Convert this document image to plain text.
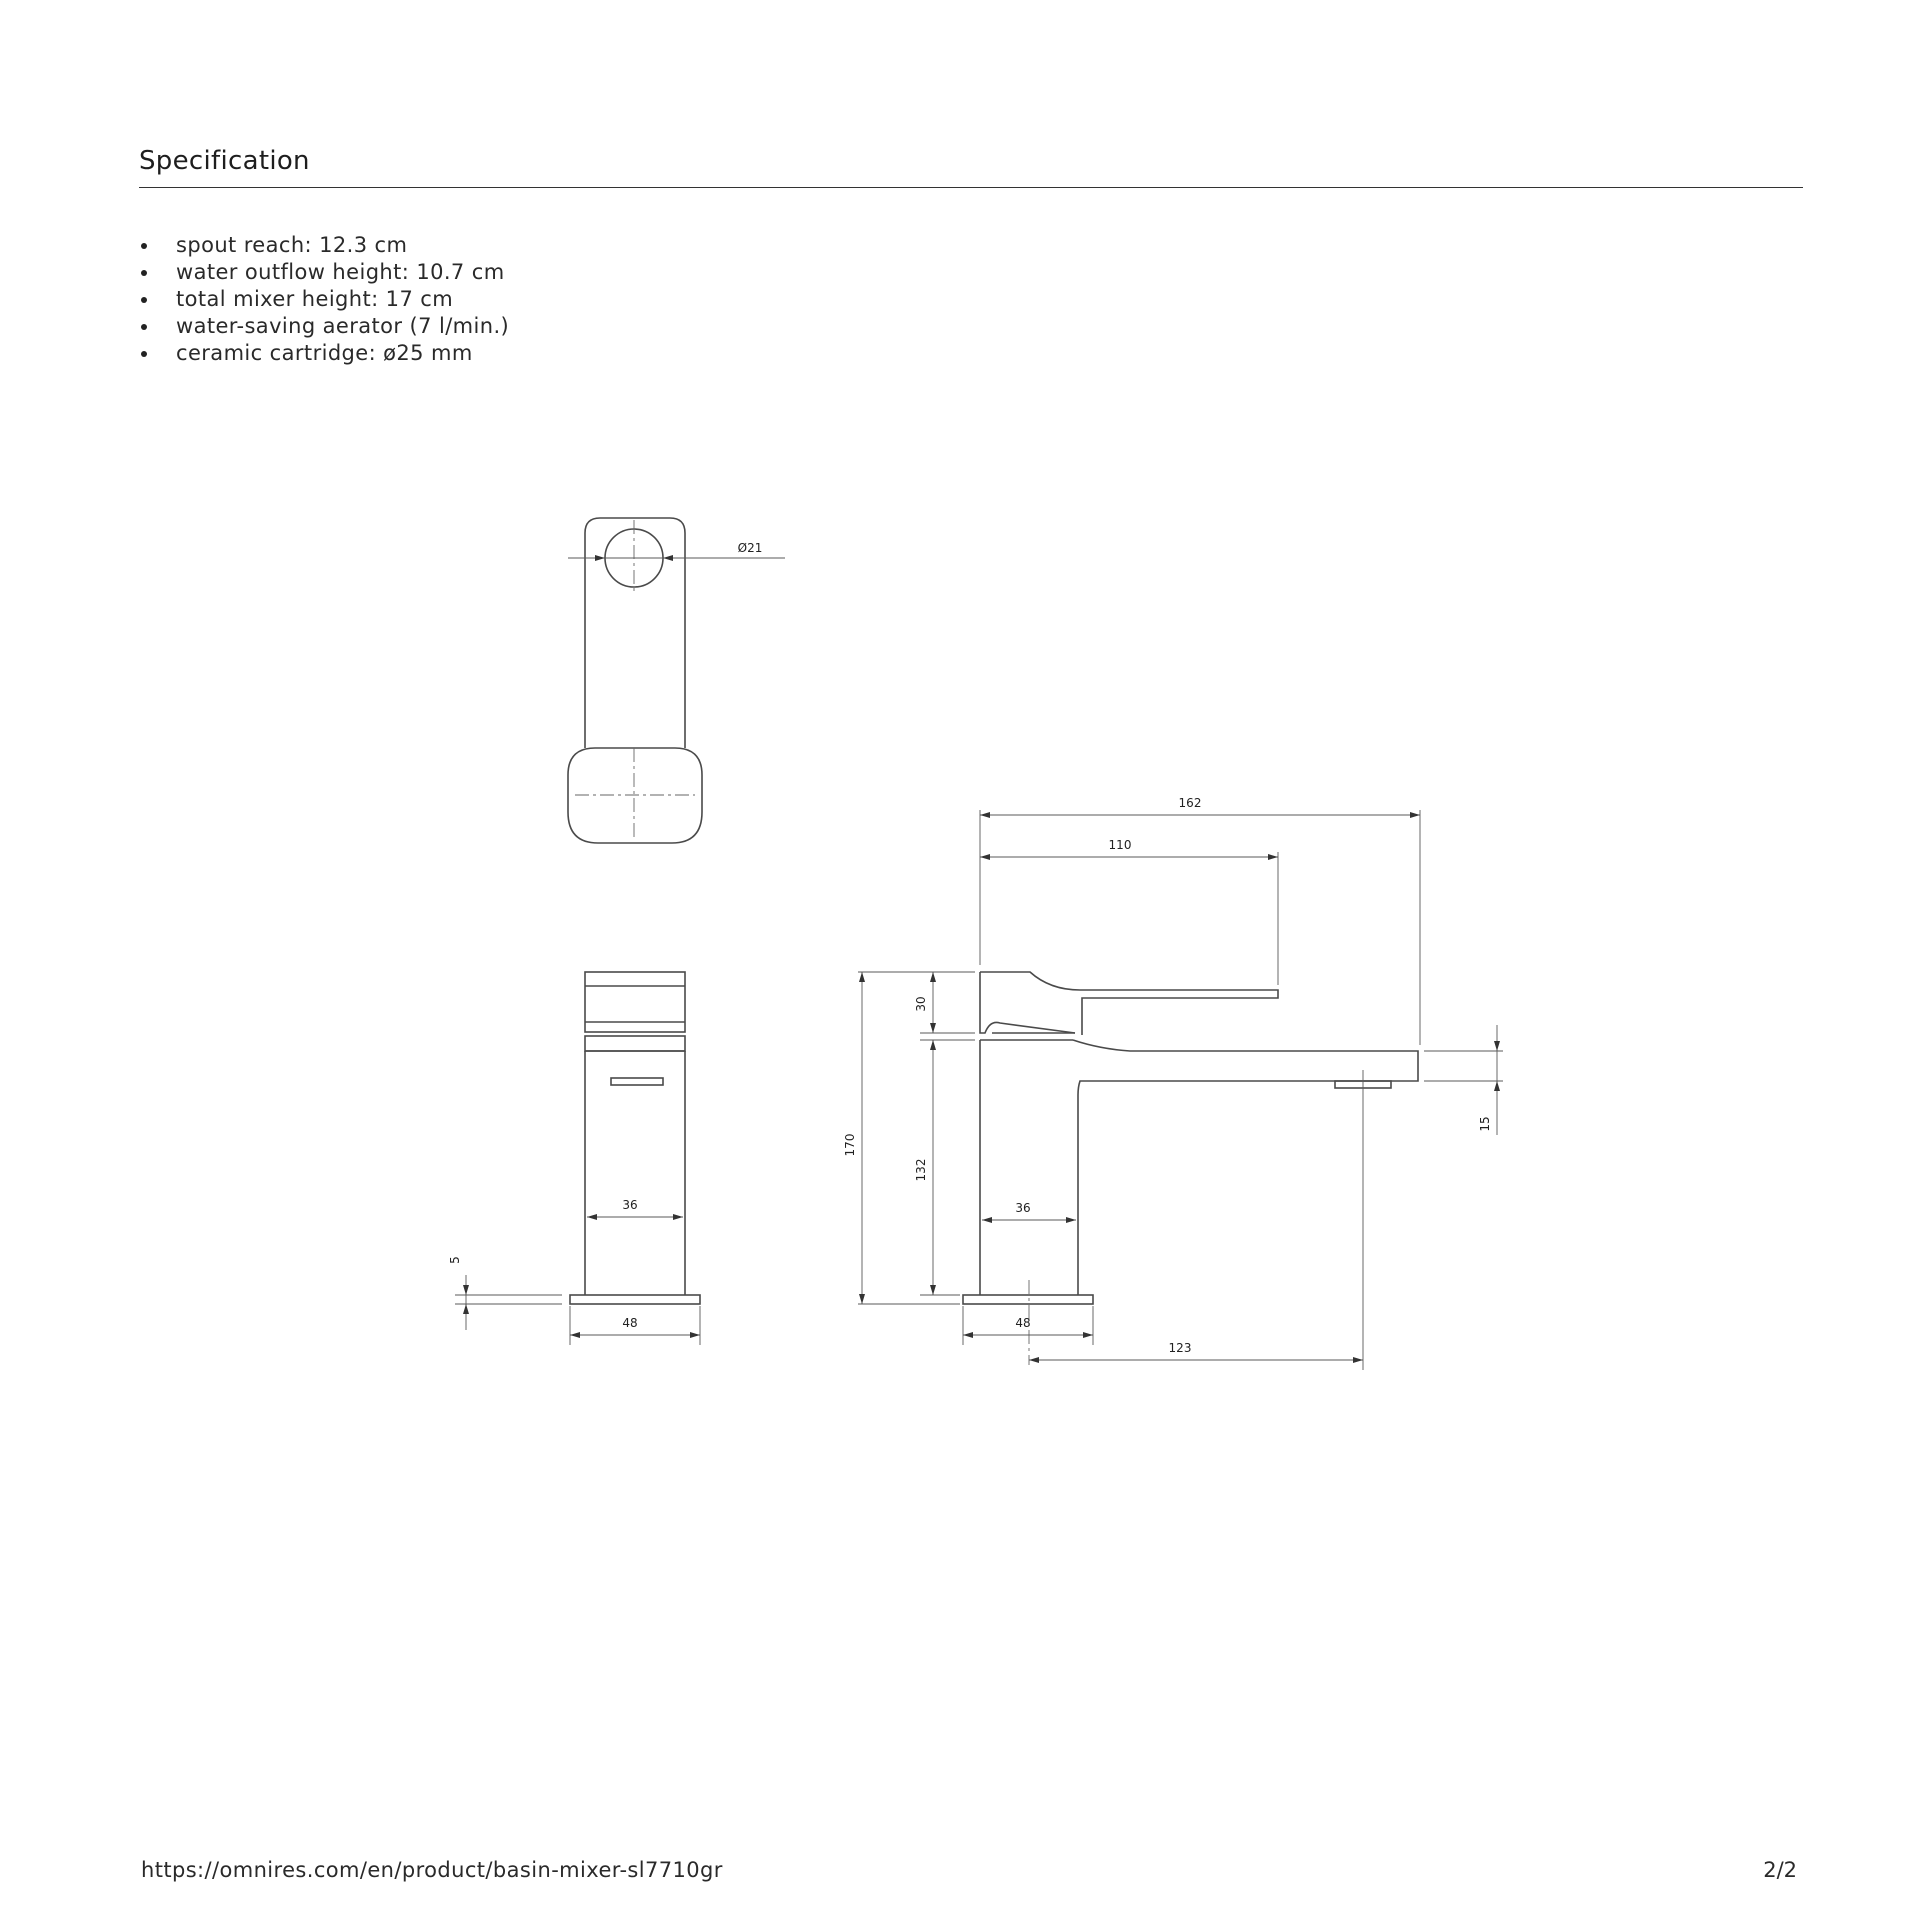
Specification
spout reach: 12.3 cm
water outflow height: 10.7 cm
total mixer height: 17 cm
water-saving aerator (7 l/min.)
ceramic cartridge: ø25 mm
Ø21
36
48
5
162
110
30
132
170
36
48
123
15
https://omnires.com/en/product/basin-mixer-sl7710gr	2/2
